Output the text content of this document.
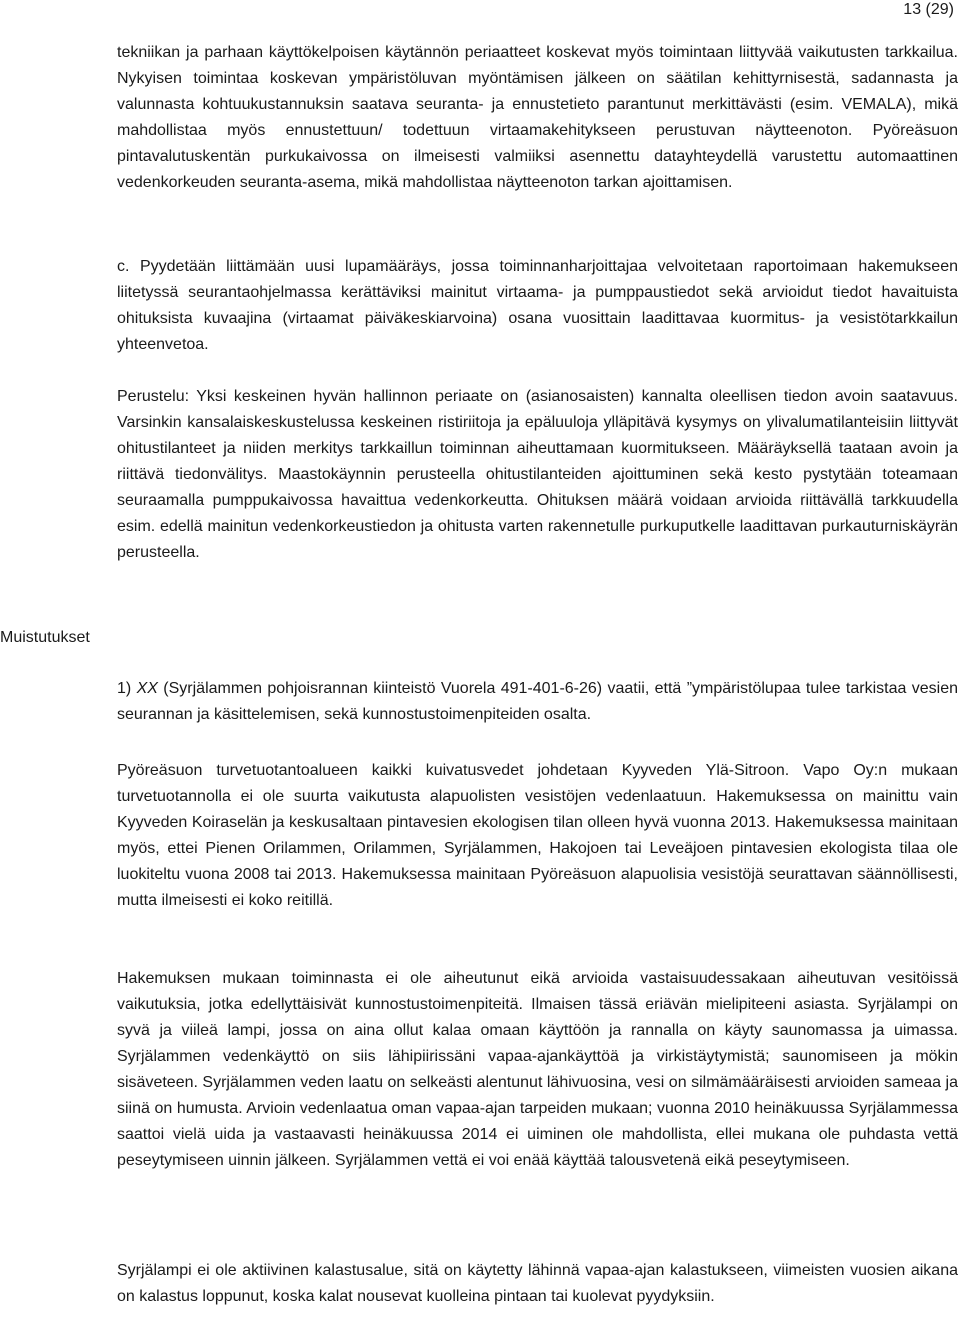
13 (29)
Muistutukset

tekniikan ja parhaan käyttökelpoisen käytännön periaatteet koskevat myös toimintaan liittyvää vaikutusten tarkkailua. Nykyisen toimintaa koskevan ympäristöluvan myöntämisen jälkeen on säätilan kehittyrnisestä, sadannasta ja valunnasta kohtuukustannuksin saatava seuranta- ja ennustetieto parantunut merkittävästi (esim. VEMALA), mikä mahdollistaa myös ennustettuun/ todettuun virtaamakehitykseen perustuvan näytteenoton. Pyöreäsuon pintavalutuskentän purkukaivossa on ilmeisesti valmiiksi asennettu datayhteydellä varustettu automaattinen vedenkorkeuden seuranta-asema, mikä mahdollistaa näytteenoton tarkan ajoittamisen.

c. Pyydetään liittämään uusi lupamääräys, jossa toiminnanharjoittajaa velvoitetaan raportoimaan hakemukseen liitetyssä seurantaohjelmassa kerättäviksi mainitut virtaama- ja pumppaustiedot sekä arvioidut tiedot havaituista ohituksista kuvaajina (virtaamat päiväkeskiarvoina) osana vuosittain laadittavaa kuormitus- ja vesistötarkkailun yhteenvetoa.

Perustelu: Yksi keskeinen hyvän hallinnon periaate on (asianosaisten) kannalta oleellisen tiedon avoin saatavuus. Varsinkin kansalaiskeskustelussa keskeinen ristiriitoja ja epäluuloja ylläpitävä kysymys on ylivalumatilanteisiin liittyvät ohitustilanteet ja niiden merkitys tarkkaillun toiminnan aiheuttamaan kuormitukseen. Määräyksellä taataan avoin ja riittävä tiedonvälitys. Maastokäynnin perusteella ohitustilanteiden ajoittuminen sekä kesto pystytään toteamaan seuraamalla pumppukaivossa havaittua vedenkorkeutta. Ohituksen määrä voidaan arvioida riittävällä tarkkuudella esim. edellä mainitun vedenkorkeustiedon ja ohitusta varten rakennetulle purkuputkelle laadittavan purkauturniskäyrän perusteella.

1) XX (Syrjälammen pohjoisrannan kiinteistö Vuorela 491-401-6-26) vaatii, että ”ympäristölupaa tulee tarkistaa vesien seurannan ja käsittelemisen, sekä kunnostustoimenpiteiden osalta.

Pyöreäsuon turvetuotantoalueen kaikki kuivatusvedet johdetaan Kyyveden Ylä-Sitroon. Vapo Oy:n mukaan turvetuotannolla ei ole suurta vaikutusta alapuolisten vesistöjen vedenlaatuun. Hakemuksessa on mainittu vain Kyyveden Koiraselän ja keskusaltaan pintavesien ekologisen tilan olleen hyvä vuonna 2013. Hakemuksessa mainitaan myös, ettei Pienen Orilammen, Orilammen, Syrjälammen, Hakojoen tai Leveäjoen pintavesien ekologista tilaa ole luokiteltu vuona 2008 tai 2013. Hakemuksessa mainitaan Pyöreäsuon alapuolisia vesistöjä seurattavan säännöllisesti, mutta ilmeisesti ei koko reitillä.

Hakemuksen mukaan toiminnasta ei ole aiheutunut eikä arvioida vastaisuudessakaan aiheutuvan vesitöissä vaikutuksia, jotka edellyttäisivät kunnostustoimenpiteitä. Ilmaisen tässä eriävän mielipiteeni asiasta. Syrjälampi on syvä ja viileä lampi, jossa on aina ollut kalaa omaan käyttöön ja rannalla on käyty saunomassa ja uimassa. Syrjälammen vedenkäyttö on siis lähipiirissäni vapaa-ajankäyttöä ja virkistäytymistä; saunomiseen ja mökin sisäveteen. Syrjälammen veden laatu on selkeästi alentunut lähivuosina, vesi on silmämääräisesti arvioiden sameaa ja siinä on humusta. Arvioin vedenlaatua oman vapaa-ajan tarpeiden mukaan; vuonna 2010 heinäkuussa Syrjälammessa saattoi vielä uida ja vastaavasti heinäkuussa 2014 ei uiminen ole mahdollista, ellei mukana ole puhdasta vettä peseytymiseen uinnin jälkeen. Syrjälammen vettä ei voi enää käyttää talousvetenä eikä peseytymiseen.

Syrjälampi ei ole aktiivinen kalastusalue, sitä on käytetty lähinnä vapaa-ajan kalastukseen, viimeisten vuosien aikana on kalastus loppunut, koska kalat nousevat kuolleina pintaan tai kuolevat pyydyksiin.
